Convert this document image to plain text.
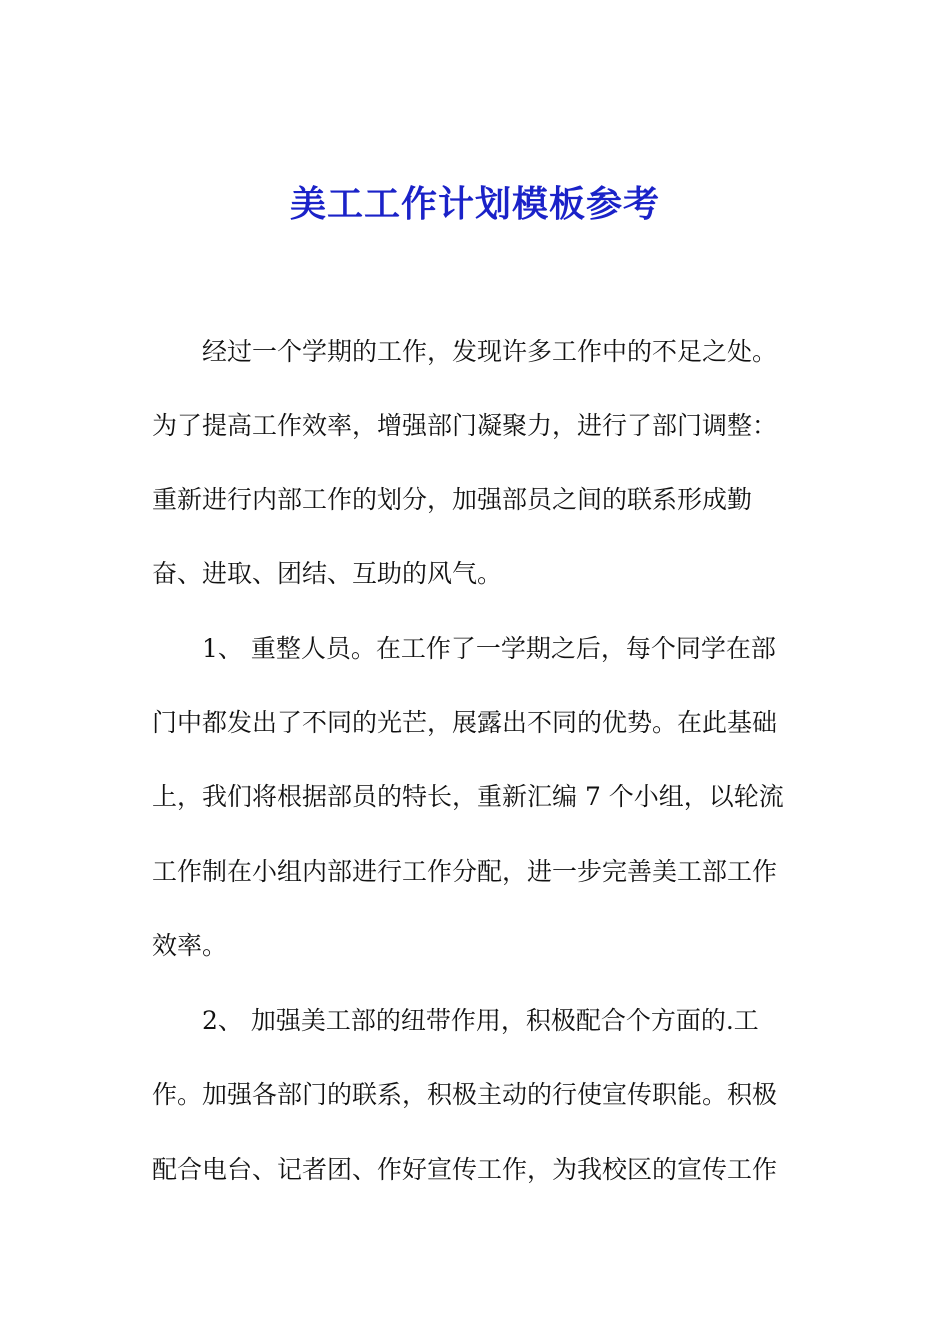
美工工作计划模板参考
经过一个学期的工作，发现许多工作中的不足之处。
为了提高工作效率，增强部门凝聚力，进行了部门调整：
重新进行内部工作的划分，加强部员之间的联系形成勤
奋、进取、团结、互助的风气。
1、 重整人员。在工作了一学期之后，每个同学在部
门中都发出了不同的光芒，展露出不同的优势。在此基础
上，我们将根据部员的特长，重新汇编 7 个小组，以轮流
工作制在小组内部进行工作分配，进一步完善美工部工作
效率。
2、 加强美工部的纽带作用，积极配合个方面的.工
作。加强各部门的联系，积极主动的行使宣传职能。积极
配合电台、记者团、作好宣传工作，为我校区的宣传工作
